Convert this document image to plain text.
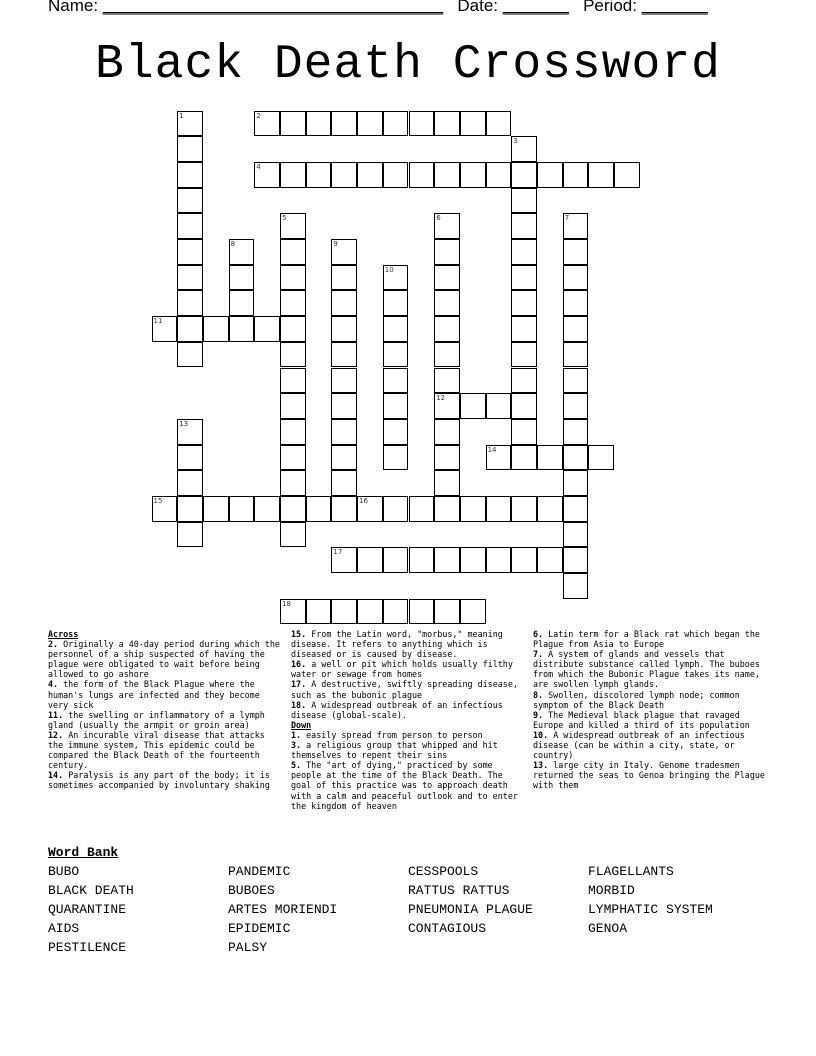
Name: ____________________________________ Date: _______ Period: _______
Black Death Crossword
2
4
11
12
14
15	16
17
18
1
3
5	6	7
8	9
10
13
Across
2. Originally a 40-day period during which the personnel of a ship suspected of having the plague were obligated to wait before being allowed to go ashore
4. the form of the Black Plague where the human's lungs are infected and they become very sick
11. the swelling or inflammatory of a lymph gland (usually the armpit or groin area)
12. An incurable viral disease that attacks the immune system, This epidemic could be compared the Black Death of the fourteenth century.
14. Paralysis is any part of the body; it is sometimes accompanied by involuntary shaking
15. From the Latin word, "morbus," meaning disease. It refers to anything which is diseased or is caused by disease.
16. a well or pit which holds usually filthy water or sewage from homes
17. A destructive, swiftly spreading disease, such as the bubonic plague
18. A widespread outbreak of an infectious disease (global-scale).
Down
1. easily spread from person to person
3. a religious group that whipped and hit themselves to repent their sins
5. The "art of dying," practiced by some people at the time of the Black Death. The goal of this practice was to approach death with a calm and peaceful outlook and to enter the kingdom of heaven
6. Latin term for a Black rat which began the Plague from Asia to Europe
7. A system of glands and vessels that distribute substance called lymph. The buboes from which the Bubonic Plague takes its name, are swollen lymph glands.
8. Swollen, discolored lymph node; common symptom of the Black Death
9. The Medieval black plague that ravaged Europe and killed a third of its population
10. A widespread outbreak of an infectious disease (can be within a city, state, or country)
13. large city in Italy. Genome tradesmen returned the seas to Genoa bringing the Plague with them
Word Bank
BUBO	PANDEMIC	CESSPOOLS	FLAGELLANTS
BLACK DEATH	BUBOES	RATTUS RATTUS	MORBID
QUARANTINE	ARTES MORIENDI	PNEUMONIA PLAGUE	LYMPHATIC SYSTEM
AIDS	EPIDEMIC	CONTAGIOUS	GENOA
PESTILENCE	PALSY
